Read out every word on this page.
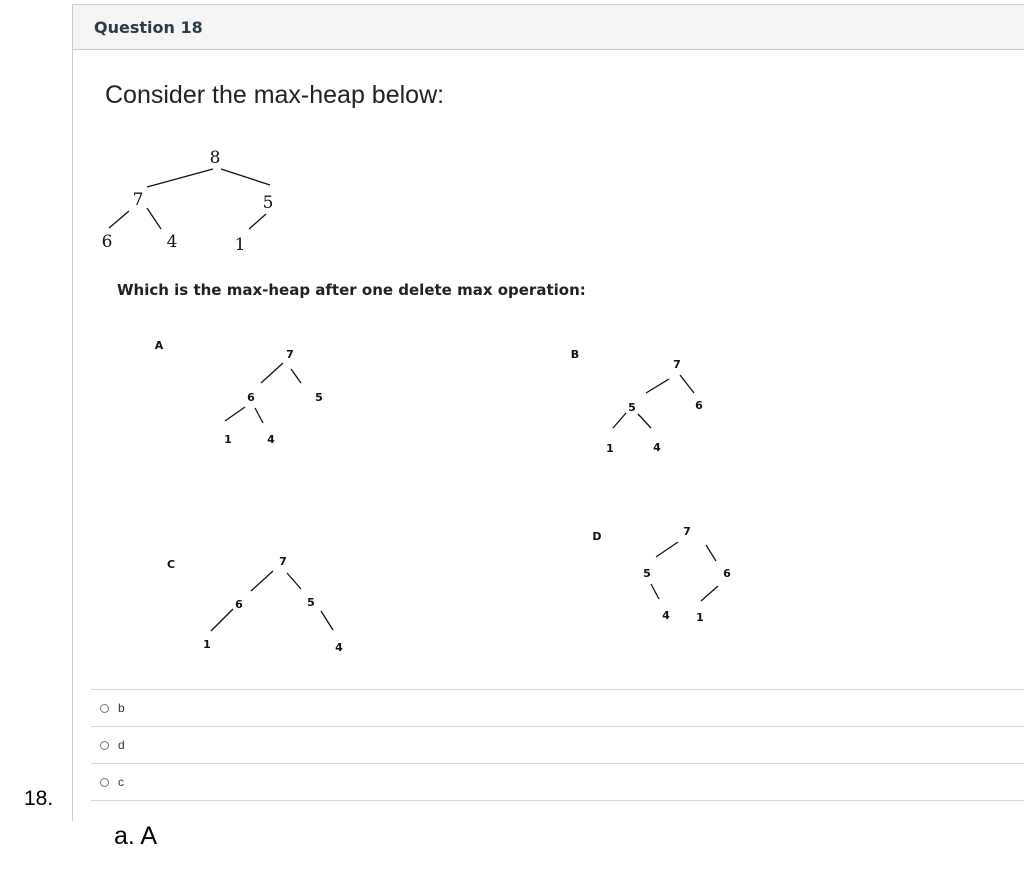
18.
Question 18
Consider the max-heap below:
8
7	5
6	4	1
A
7
6	5
1	4
B
7
5	6
1	4
C	7
6	5
1	4
D	7
5	6
4 1
Which is the max-heap after one delete max operation:
b
d
c
a. A
